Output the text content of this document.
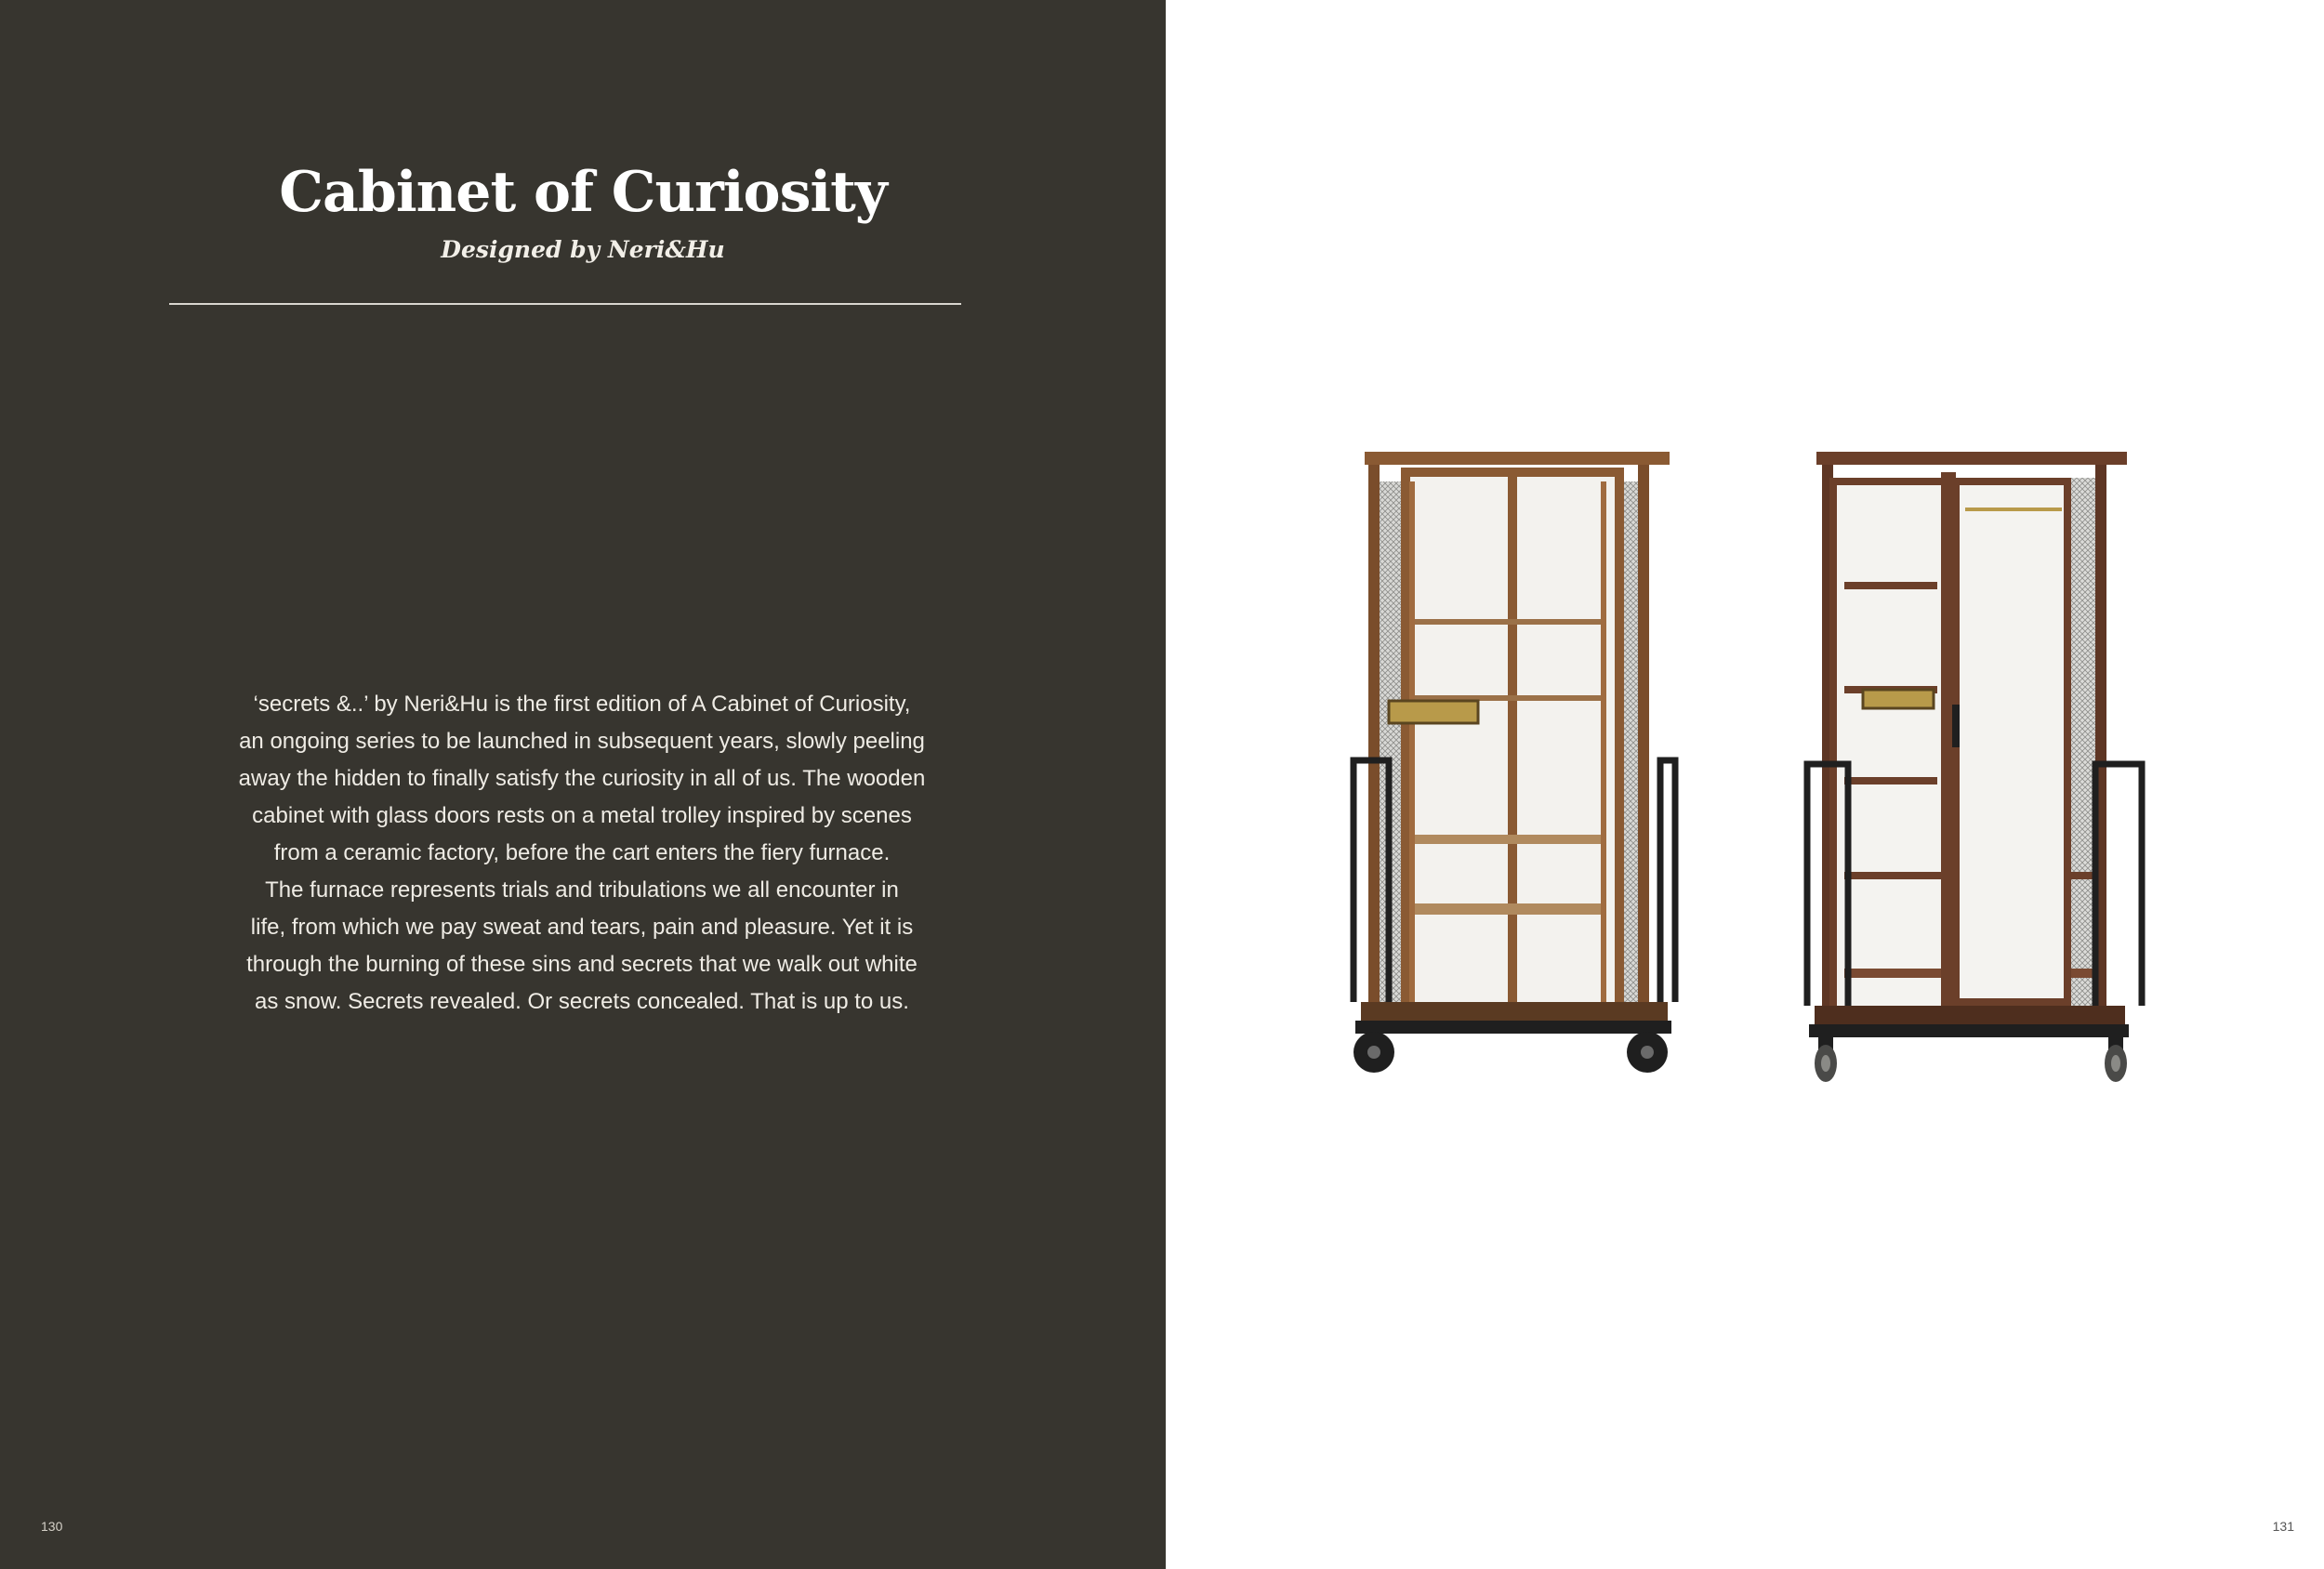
Cabinet of Curiosity
Designed by Neri&Hu
‘secrets &..’ by Neri&Hu is the first edition of A Cabinet of Curiosity,
an ongoing series to be launched in subsequent years, slowly peeling
away the hidden to finally satisfy the curiosity in all of us. The wooden
cabinet with glass doors rests on a metal trolley inspired by scenes
from a ceramic factory, before the cart enters the fiery furnace.
The furnace represents trials and tribulations we all encounter in
life, from which we pay sweat and tears, pain and pleasure. Yet it is
through the burning of these sins and secrets that we walk out white
as snow. Secrets revealed. Or secrets concealed. That is up to us.
130	131
